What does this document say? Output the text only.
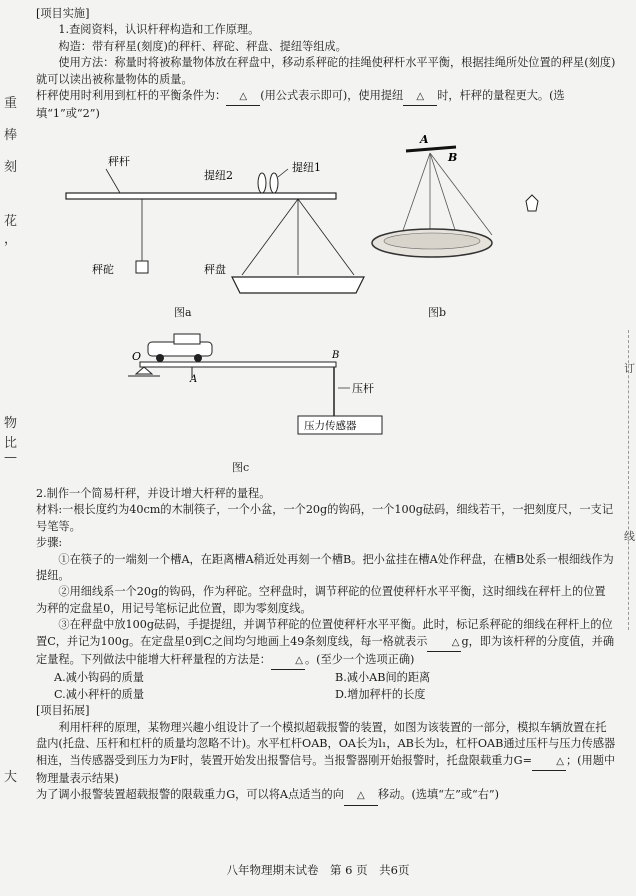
重
棒
刻
花
，
物
比
—
大
订
线

[项目实施]

1.查阅资料，认识杆秤构造和工作原理。

构造：带有秤星(刻度)的秤杆、秤砣、秤盘、提纽等组成。

使用方法：称量时将被称量物体放在秤盘中，移动系秤砣的挂绳使秤杆水平平衡，根据挂绳所处位置的秤星(刻度)就可以读出被称量物体的质量。

杆秤使用时利用到杠杆的平衡条件为： △ (用公式表示即可)，使用提纽 △ 时，杆秤的量程更大。(选填“1”或“2”)

秤杆
提纽2
提纽1
秤砣	秤盘
图a
A
B
图b
O
A
B
压杆
压力传感器
图c

2.制作一个简易杆秤，并设计增大杆秤的量程。

材料:一根长度约为40cm的木制筷子，一个小盆，一个20g的钩码，一个100g砝码，细线若干，一把刻度尺，一支记号笔等。

步骤:

①在筷子的一端刻一个槽A，在距离槽A稍近处再刻一个槽B。把小盆挂在槽A处作秤盘，在槽B处系一根细线作为提纽。

②用细线系一个20g的钩码，作为秤砣。空秤盘时，调节秤砣的位置使秤杆水平平衡，这时细线在秤杆上的位置为秤的定盘星0，用记号笔标记此位置，即为零刻度线。

③在秤盘中放100g砝码，手提提纽，并调节秤砣的位置使秤杆水平平衡。此时，标记系秤砣的细线在秤杆上的位置C，并记为100g。在定盘星0到C之间均匀地画上49条刻度线，每一格就表示 △ g，即为该杆秤的分度值，并确定量程。下列做法中能增大杆秤量程的方法是： △ 。(至少一个选项正确)

A.减小钩码的质量	B.减小AB间的距离
C.减小秤杆的质量	D.增加秤杆的长度

[项目拓展]

利用杆秤的原理，某物理兴趣小组设计了一个模拟超载报警的装置，如图为该装置的一部分，模拟车辆放置在托盘内(托盘、压杆和杠杆的质量均忽略不计)。水平杠杆OAB，OA长为l₁，AB长为l₂，杠杆OAB通过压杆与压力传感器相连，当传感器受到压力为F时，装置开始发出报警信号。当报警器刚开始报警时，托盘限载重力G= △ ；(用题中物理量表示结果)

为了调小报警装置超载报警的限载重力G，可以将A点适当的向 △ 移动。(选填“左”或“右”)

八年物理期末试卷　第 6 页　共6页
